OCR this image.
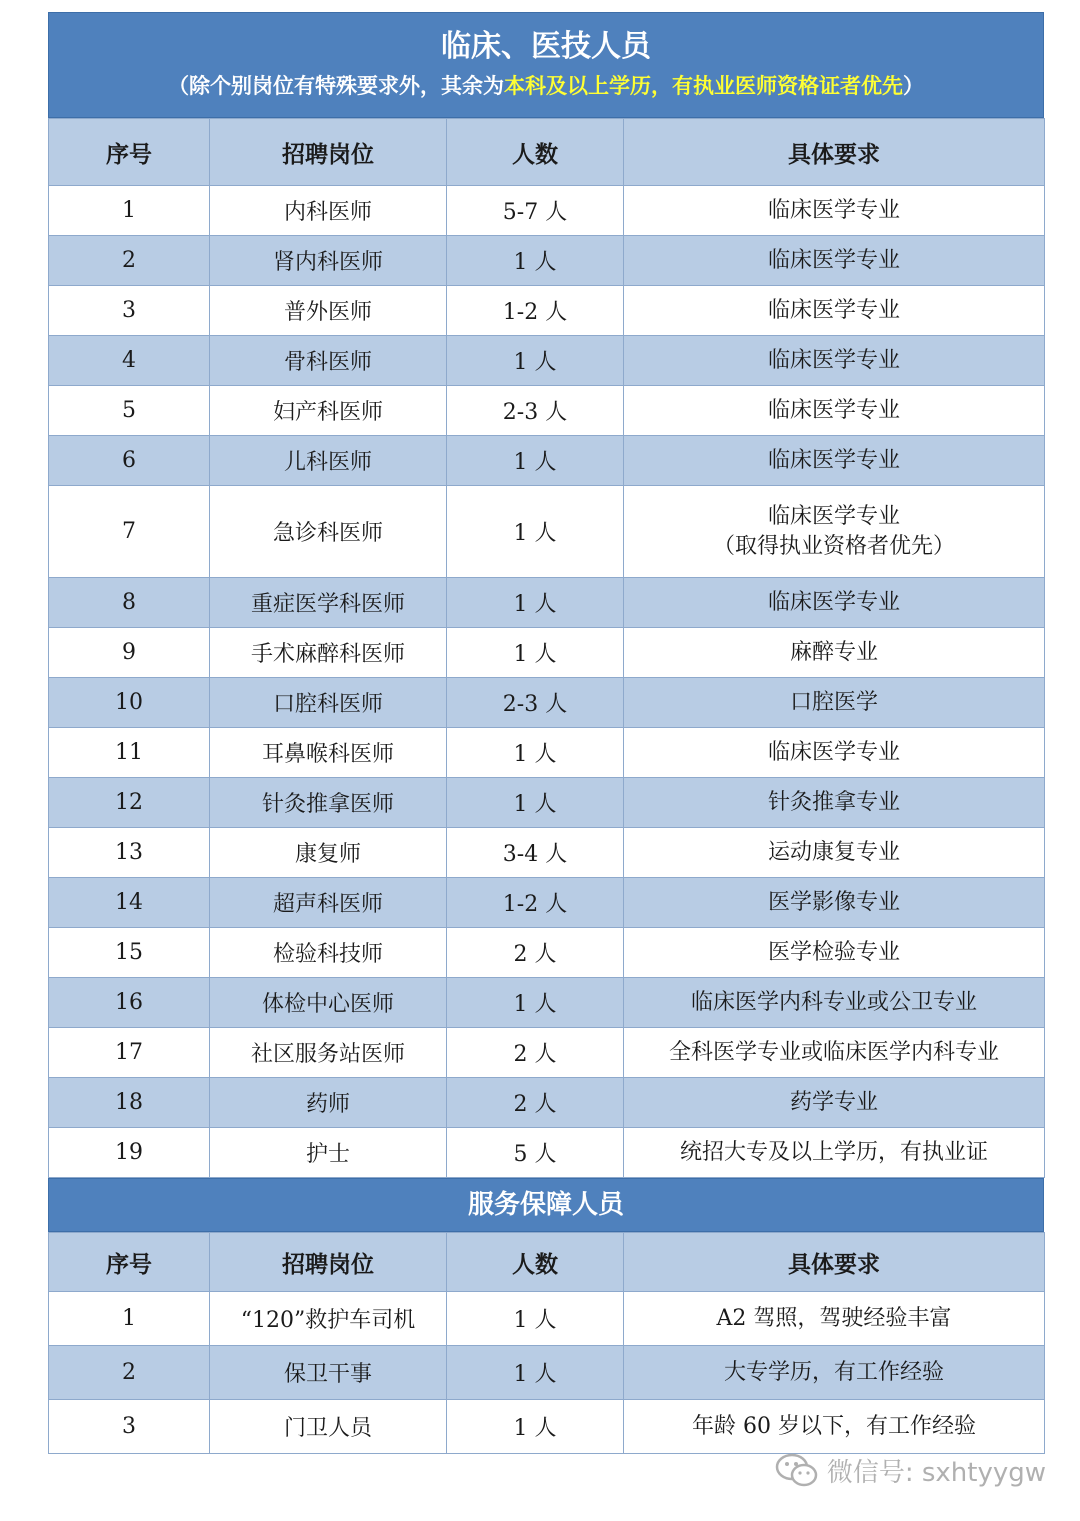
临床、医技人员
（除个别岗位有特殊要求外，其余为本科及以上学历，有执业医师资格证者优先）
序号	招聘岗位	人数	具体要求
1	内科医师	5-7 人	临床医学专业

2	肾内科医师	1 人	临床医学专业

3	普外医师	1-2 人	临床医学专业

4	骨科医师	1 人	临床医学专业

5	妇产科医师	2-3 人	临床医学专业

6	儿科医师	1 人	临床医学专业

7	急诊科医师	1 人	临床医学专业
（取得执业资格者优先）

8	重症医学科医师	1 人	临床医学专业

9	手术麻醉科医师	1 人	麻醉专业

10	口腔科医师	2-3 人	口腔医学

11	耳鼻喉科医师	1 人	临床医学专业

12	针灸推拿医师	1 人	针灸推拿专业

13	康复师	3-4 人	运动康复专业

14	超声科医师	1-2 人	医学影像专业

15	检验科技师	2 人	医学检验专业

16	体检中心医师	1 人	临床医学内科专业或公卫专业

17	社区服务站医师	2 人	全科医学专业或临床医学内科专业

18	药师	2 人	药学专业

19	护士	5 人	统招大专及以上学历，有执业证
服务保障人员
序号	招聘岗位	人数	具体要求
1	“120”救护车司机	1 人	A2 驾照，驾驶经验丰富

2	保卫干事	1 人	大专学历，有工作经验

3	门卫人员	1 人	年龄 60 岁以下，有工作经验
微信号: sxhtyygw
